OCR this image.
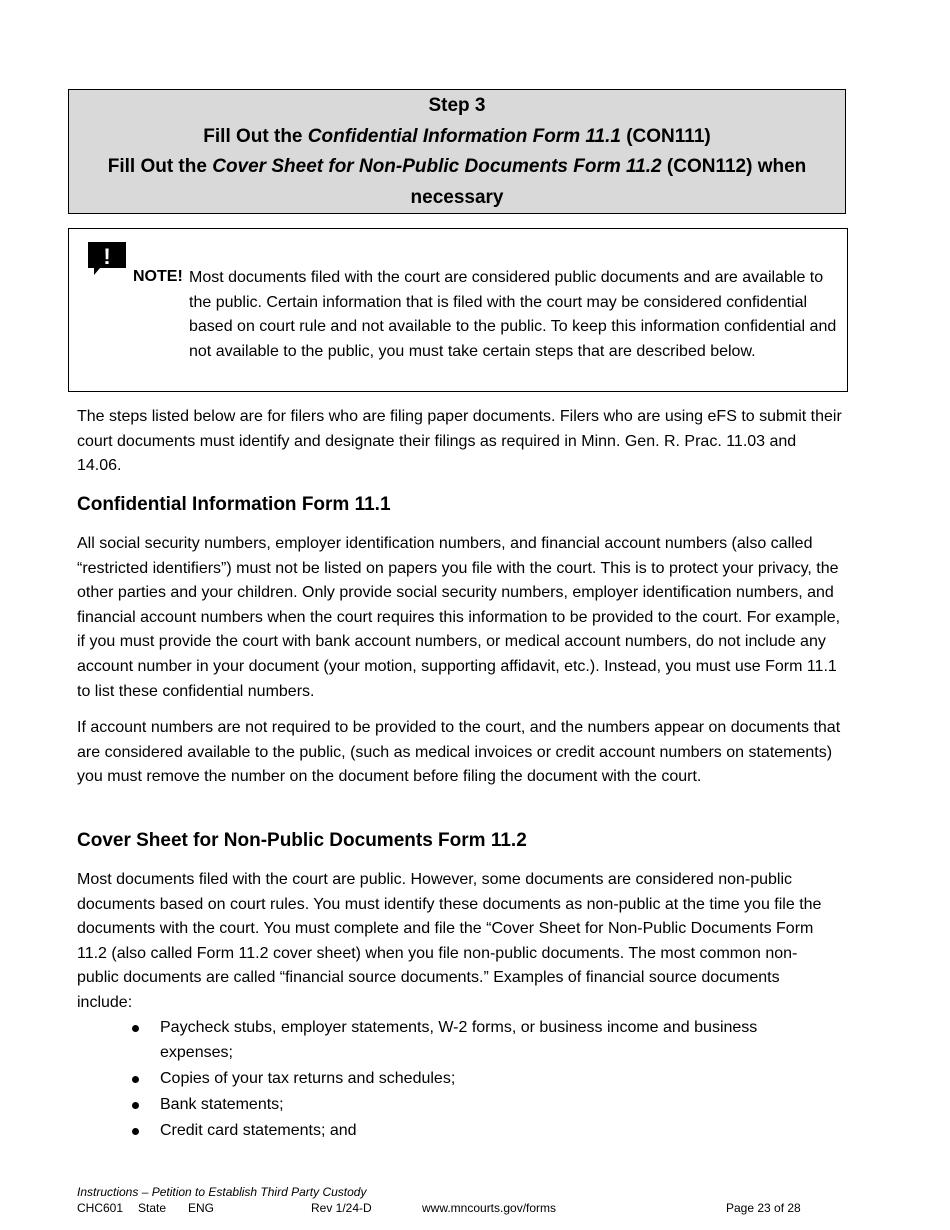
Step 3
Fill Out the Confidential Information Form 11.1 (CON111)
Fill Out the Cover Sheet for Non-Public Documents Form 11.2 (CON112) when
necessary
!
NOTE! Most documents filed with the court are considered public documents and are available to the public. Certain information that is filed with the court may be considered confidential based on court rule and not available to the public. To keep this information confidential and not available to the public, you must take certain steps that are described below.

The steps listed below are for filers who are filing paper documents. Filers who are using eFS to submit their court documents must identify and designate their filings as required in Minn. Gen. R. Prac. 11.03 and 14.06.

Confidential Information Form 11.1

All social security numbers, employer identification numbers, and financial account numbers (also called “restricted identifiers”) must not be listed on papers you file with the court. This is to protect your privacy, the other parties and your children. Only provide social security numbers, employer identification numbers, and financial account numbers when the court requires this information to be provided to the court. For example, if you must provide the court with bank account numbers, or medical account numbers, do not include any account number in your document (your motion, supporting affidavit, etc.). Instead, you must use Form 11.1 to list these confidential numbers.

If account numbers are not required to be provided to the court, and the numbers appear on documents that are considered available to the public, (such as medical invoices or credit account numbers on statements) you must remove the number on the document before filing the document with the court.

Cover Sheet for Non-Public Documents Form 11.2

Most documents filed with the court are public. However, some documents are considered non-public documents based on court rules. You must identify these documents as non-public at the time you file the documents with the court. You must complete and file the “Cover Sheet for Non-Public Documents Form 11.2 (also called Form 11.2 cover sheet) when you file non-public documents. The most common non-public documents are called “financial source documents.” Examples of financial source documents include:

Paycheck stubs, employer statements, W-2 forms, or business income and business expenses;
Copies of your tax returns and schedules;
Bank statements;
Credit card statements; and
Instructions – Petition to Establish Third Party Custody
CHC601 State ENG	Rev 1/24-D	www.mncourts.gov/forms	Page 23 of 28
